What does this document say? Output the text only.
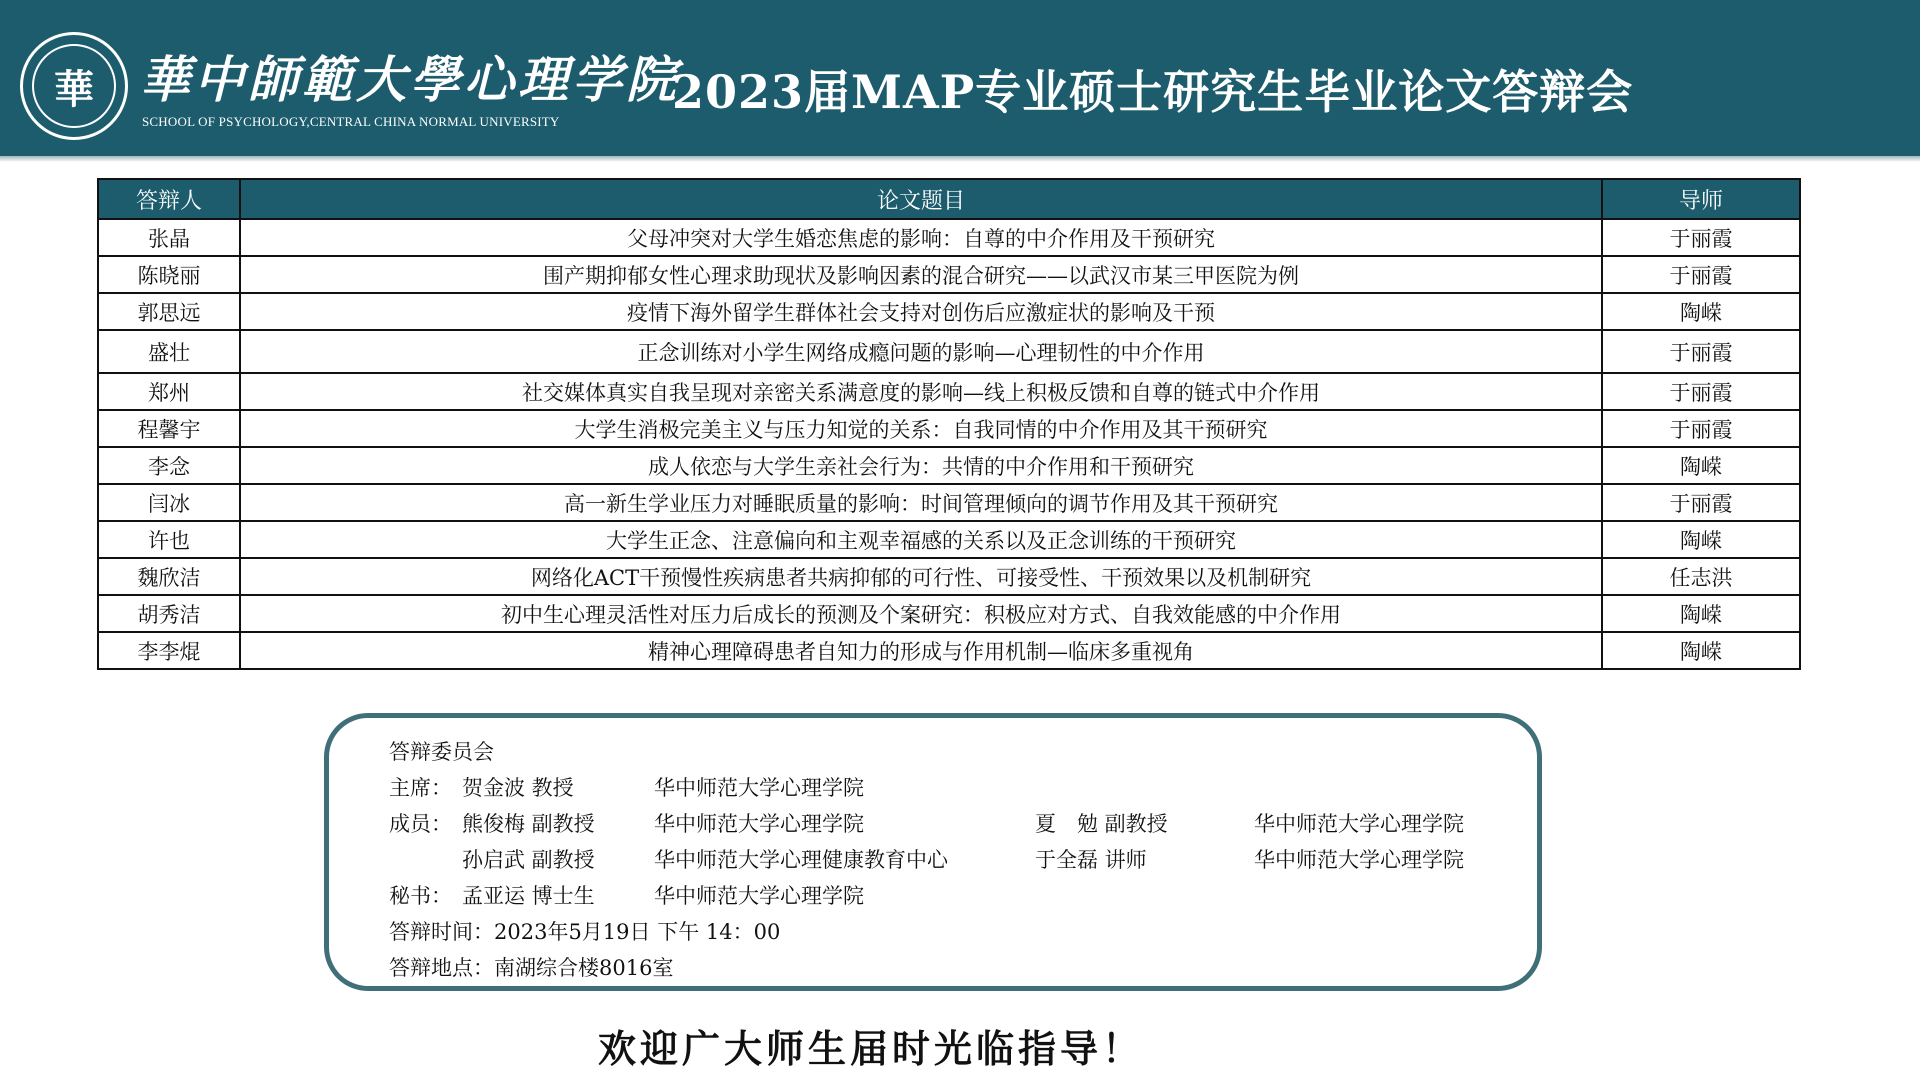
華 華中師範大學心理学院
SCHOOL OF PSYCHOLOGY,CENTRAL CHINA NORMAL UNIVERSITY
2023届MAP专业硕士研究生毕业论文答辩会
答辩人	论文题目	导师
张晶	父母冲突对大学生婚恋焦虑的影响：自尊的中介作用及干预研究	于丽霞
陈晓丽	围产期抑郁女性心理求助现状及影响因素的混合研究——以武汉市某三甲医院为例	于丽霞
郭思远	疫情下海外留学生群体社会支持对创伤后应激症状的影响及干预	陶嵘
盛壮	正念训练对小学生网络成瘾问题的影响—心理韧性的中介作用	于丽霞
郑州	社交媒体真实自我呈现对亲密关系满意度的影响—线上积极反馈和自尊的链式中介作用	于丽霞
程馨宇	大学生消极完美主义与压力知觉的关系：自我同情的中介作用及其干预研究	于丽霞
李念	成人依恋与大学生亲社会行为：共情的中介作用和干预研究	陶嵘
闫冰	高一新生学业压力对睡眠质量的影响：时间管理倾向的调节作用及其干预研究	于丽霞
许也	大学生正念、注意偏向和主观幸福感的关系以及正念训练的干预研究	陶嵘
魏欣洁	网络化ACT干预慢性疾病患者共病抑郁的可行性、可接受性、干预效果以及机制研究	任志洪
胡秀洁	初中生心理灵活性对压力后成长的预测及个案研究：积极应对方式、自我效能感的中介作用	陶嵘
李李焜	精神心理障碍患者自知力的形成与作用机制—临床多重视角	陶嵘
答辩委员会
主席： 贺金波 教授	华中师范大学心理学院
成员： 熊俊梅 副教授	华中师范大学心理学院	夏　勉 副教授	华中师范大学心理学院
孙启武 副教授	华中师范大学心理健康教育中心	于全磊 讲师	华中师范大学心理学院
秘书： 孟亚运 博士生	华中师范大学心理学院
答辩时间：2023年5月19日 下午 14：00
答辩地点：南湖综合楼8016室
欢迎广大师生届时光临指导！
